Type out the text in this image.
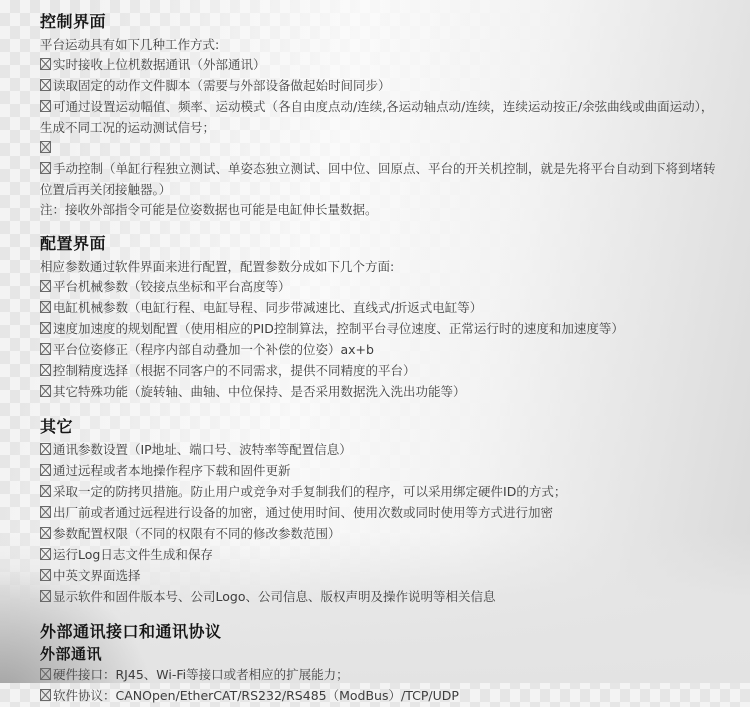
控制界面

平台运动具有如下几种工作方式:

实时接收上位机数据通讯（外部通讯）

读取固定的动作文件脚本（需要与外部设备做起始时间同步）

可通过设置运动幅值、频率、运动模式（各自由度点动/连续,各运动轴点动/连续，连续运动按正/余弦曲线或曲面运动），生成不同工况的运动测试信号；

手动控制（单缸行程独立测试、单姿态独立测试、回中位、回原点、平台的开关机控制，就是先将平台自动到下将到堵转位置后再关闭接触器。）

注：接收外部指令可能是位姿数据也可能是电缸伸长量数据。

配置界面

相应参数通过软件界面来进行配置，配置参数分成如下几个方面:

平台机械参数（铰接点坐标和平台高度等）

电缸机械参数（电缸行程、电缸导程、同步带减速比、直线式/折返式电缸等）

速度加速度的规划配置（使用相应的PID控制算法，控制平台寻位速度、正常运行时的速度和加速度等）

平台位姿修正（程序内部自动叠加一个补偿的位姿）ax+b

控制精度选择（根据不同客户的不同需求，提供不同精度的平台）

其它特殊功能（旋转轴、曲轴、中位保持、是否采用数据洗入洗出功能等）

其它

通讯参数设置（IP地址、端口号、波特率等配置信息）

通过远程或者本地操作程序下载和固件更新

采取一定的防拷贝措施。防止用户或竞争对手复制我们的程序，可以采用绑定硬件ID的方式；

出厂前或者通过远程进行设备的加密，通过使用时间、使用次数或同时使用等方式进行加密

参数配置权限（不同的权限有不同的修改参数范围）

运行Log日志文件生成和保存

中英文界面选择

显示软件和固件版本号、公司Logo、公司信息、版权声明及操作说明等相关信息

外部通讯接口和通讯协议
外部通讯

硬件接口：RJ45、Wi-Fi等接口或者相应的扩展能力；

软件协议：CANOpen/EtherCAT/RS232/RS485（ModBus）/TCP/UDP
